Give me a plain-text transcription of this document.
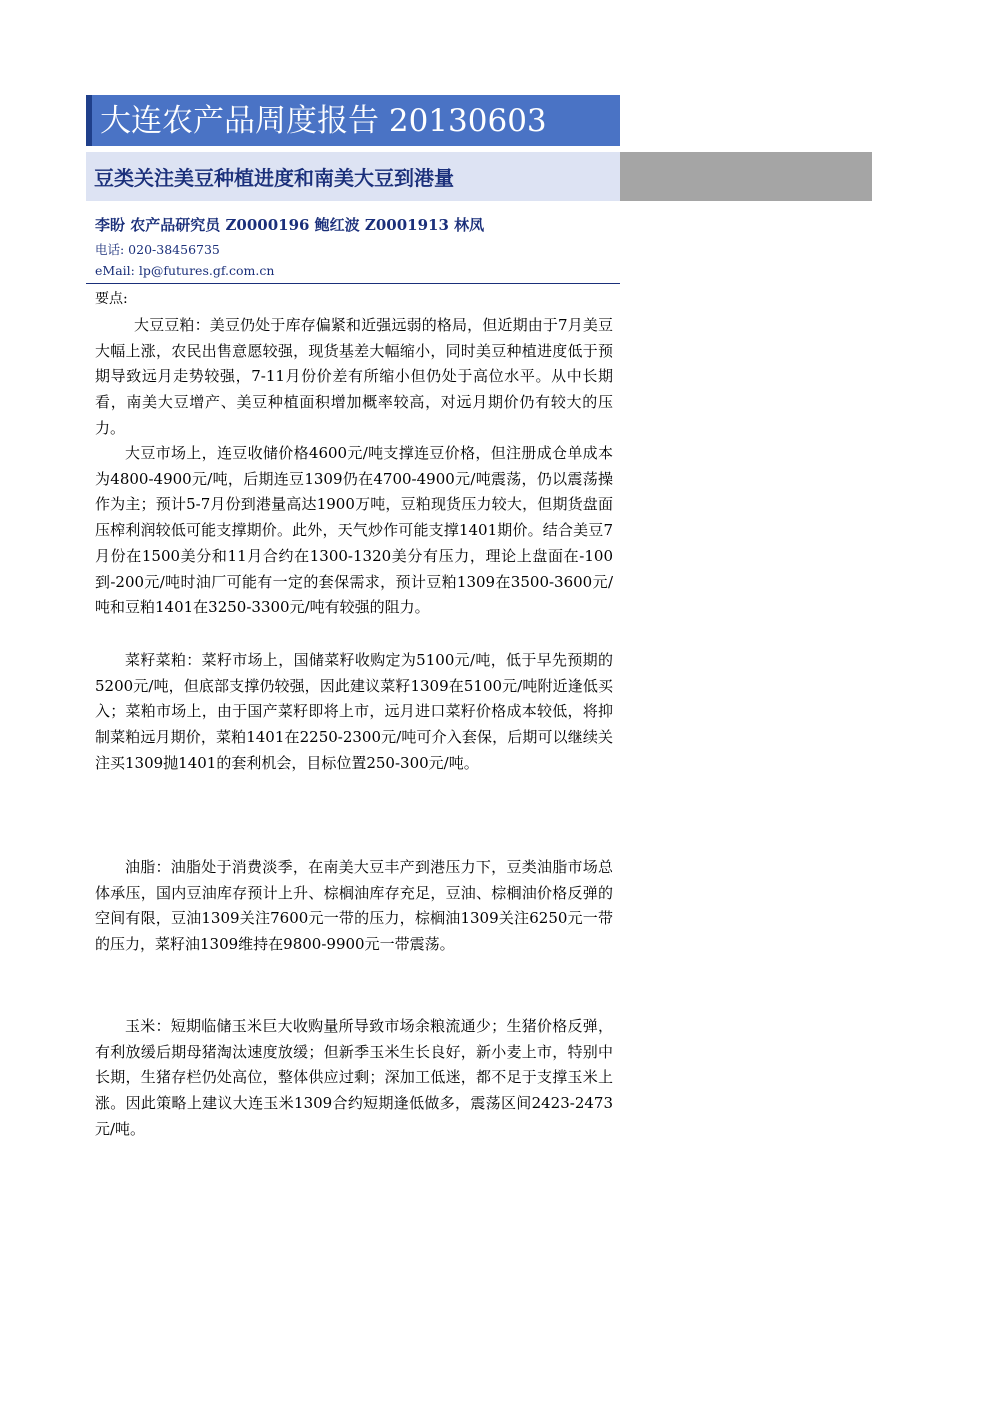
大连农产品周度报告 20130603
豆类关注美豆种植进度和南美大豆到港量
李盼 农产品研究员 Z0000196 鲍红波 Z0001913 林凤
电话: 020-38456735
eMail: lp@futures.gf.com.cn
要点:
大豆豆粕：美豆仍处于库存偏紧和近强远弱的格局，但近期由于7月美豆大幅上涨，农民出售意愿较强，现货基差大幅缩小，同时美豆种植进度低于预期导致远月走势较强，7-11月份价差有所缩小但仍处于高位水平。从中长期看，南美大豆增产、美豆种植面积增加概率较高，对远月期价仍有较大的压力。
大豆市场上，连豆收储价格4600元/吨支撑连豆价格，但注册成仓单成本为4800-4900元/吨，后期连豆1309仍在4700-4900元/吨震荡，仍以震荡操作为主；预计5-7月份到港量高达1900万吨，豆粕现货压力较大，但期货盘面压榨利润较低可能支撑期价。此外，天气炒作可能支撑1401期价。结合美豆7月份在1500美分和11月合约在1300-1320美分有压力，理论上盘面在-100到-200元/吨时油厂可能有一定的套保需求，预计豆粕1309在3500-3600元/吨和豆粕1401在3250-3300元/吨有较强的阻力。
菜籽菜粕：菜籽市场上，国储菜籽收购定为5100元/吨，低于早先预期的5200元/吨，但底部支撑仍较强，因此建议菜籽1309在5100元/吨附近逢低买入；菜粕市场上，由于国产菜籽即将上市，远月进口菜籽价格成本较低，将抑制菜粕远月期价，菜粕1401在2250-2300元/吨可介入套保，后期可以继续关注买1309抛1401的套利机会，目标位置250-300元/吨。
油脂：油脂处于消费淡季，在南美大豆丰产到港压力下，豆类油脂市场总体承压，国内豆油库存预计上升、棕榈油库存充足，豆油、棕榈油价格反弹的空间有限，豆油1309关注7600元一带的压力，棕榈油1309关注6250元一带的压力，菜籽油1309维持在9800-9900元一带震荡。
玉米：短期临储玉米巨大收购量所导致市场余粮流通少；生猪价格反弹，有利放缓后期母猪淘汰速度放缓；但新季玉米生长良好，新小麦上市，特别中长期，生猪存栏仍处高位，整体供应过剩；深加工低迷，都不足于支撑玉米上涨。因此策略上建议大连玉米1309合约短期逢低做多，震荡区间2423-2473元/吨。
